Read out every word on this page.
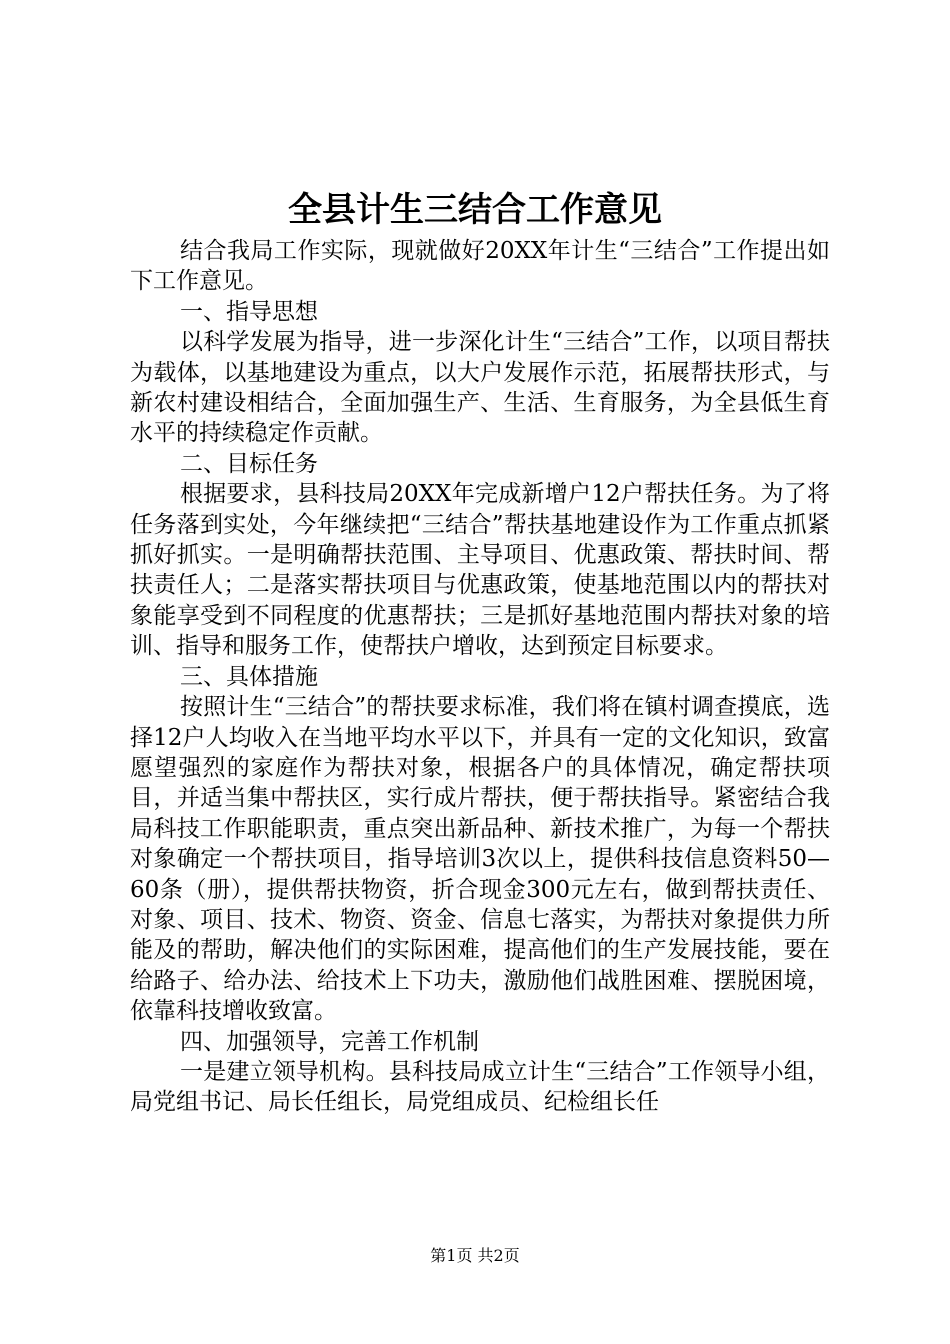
全县计生三结合工作意见

结合我局工作实际，现就做好20XX年计生“三结合”工作提出如下工作意见。

一、指导思想

以科学发展为指导，进一步深化计生“三结合”工作，以项目帮扶为载体，以基地建设为重点，以大户发展作示范，拓展帮扶形式，与新农村建设相结合，全面加强生产、生活、生育服务，为全县低生育水平的持续稳定作贡献。

二、目标任务

根据要求，县科技局20XX年完成新增户12户帮扶任务。为了将任务落到实处，今年继续把“三结合”帮扶基地建设作为工作重点抓紧抓好抓实。一是明确帮扶范围、主导项目、优惠政策、帮扶时间、帮扶责任人；二是落实帮扶项目与优惠政策，使基地范围以内的帮扶对象能享受到不同程度的优惠帮扶；三是抓好基地范围内帮扶对象的培训、指导和服务工作，使帮扶户增收，达到预定目标要求。

三、具体措施

按照计生“三结合”的帮扶要求标准，我们将在镇村调查摸底，选择12户人均收入在当地平均水平以下，并具有一定的文化知识，致富愿望强烈的家庭作为帮扶对象，根据各户的具体情况，确定帮扶项目，并适当集中帮扶区，实行成片帮扶，便于帮扶指导。紧密结合我局科技工作职能职责，重点突出新品种、新技术推广，为每一个帮扶对象确定一个帮扶项目，指导培训3次以上，提供科技信息资料50—60条（册），提供帮扶物资，折合现金300元左右，做到帮扶责任、对象、项目、技术、物资、资金、信息七落实，为帮扶对象提供力所能及的帮助，解决他们的实际困难，提高他们的生产发展技能，要在给路子、给办法、给技术上下功夫，激励他们战胜困难、摆脱困境，依靠科技增收致富。

四、加强领导，完善工作机制

一是建立领导机构。县科技局成立计生“三结合”工作领导小组，局党组书记、局长任组长，局党组成员、纪检组长任

第1页 共2页
